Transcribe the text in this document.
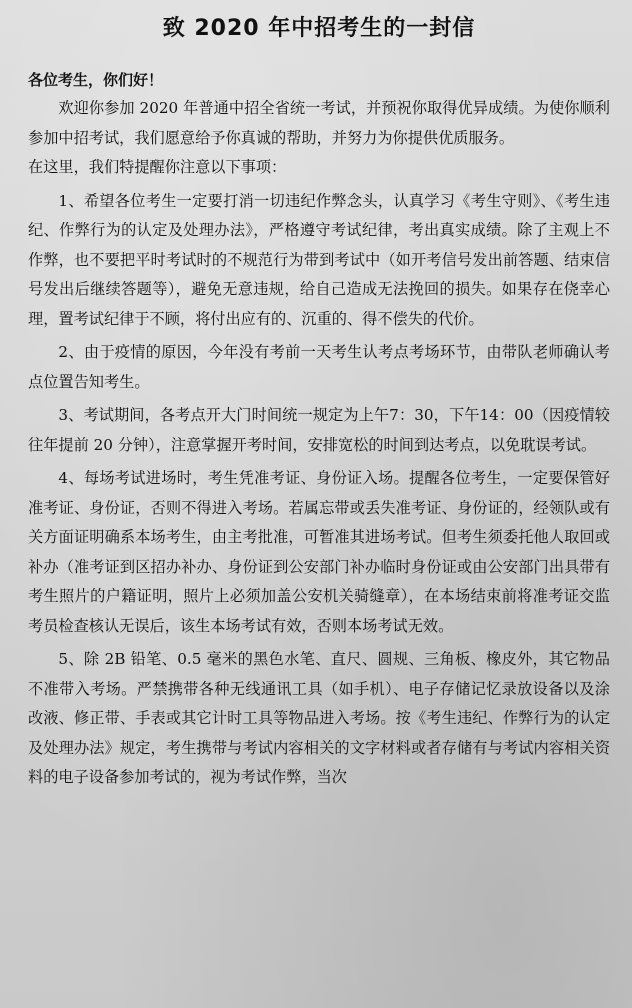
致 2020 年中招考生的一封信

各位考生，你们好！

欢迎你参加 2020 年普通中招全省统一考试，并预祝你取得优异成绩。为使你顺利参加中招考试，我们愿意给予你真诚的帮助，并努力为你提供优质服务。

在这里，我们特提醒你注意以下事项：

1、希望各位考生一定要打消一切违纪作弊念头，认真学习《考生守则》、《考生违纪、作弊行为的认定及处理办法》，严格遵守考试纪律，考出真实成绩。除了主观上不作弊，也不要把平时考试时的不规范行为带到考试中（如开考信号发出前答题、结束信号发出后继续答题等），避免无意违规，给自己造成无法挽回的损失。如果存在侥幸心理，置考试纪律于不顾，将付出应有的、沉重的、得不偿失的代价。

2、由于疫情的原因，今年没有考前一天考生认考点考场环节，由带队老师确认考点位置告知考生。

3、考试期间，各考点开大门时间统一规定为上午7：30，下午14：00（因疫情较往年提前 20 分钟），注意掌握开考时间，安排宽松的时间到达考点，以免耽误考试。

4、每场考试进场时，考生凭准考证、身份证入场。提醒各位考生，一定要保管好准考证、身份证，否则不得进入考场。若属忘带或丢失准考证、身份证的，经领队或有关方面证明确系本场考生，由主考批准，可暂准其进场考试。但考生须委托他人取回或补办（准考证到区招办补办、身份证到公安部门补办临时身份证或由公安部门出具带有考生照片的户籍证明，照片上必须加盖公安机关骑缝章），在本场结束前将准考证交监考员检查核认无误后，该生本场考试有效，否则本场考试无效。

5、除 2B 铅笔、0.5 毫米的黑色水笔、直尺、圆规、三角板、橡皮外，其它物品不准带入考场。严禁携带各种无线通讯工具（如手机）、电子存储记忆录放设备以及涂改液、修正带、手表或其它计时工具等物品进入考场。按《考生违纪、作弊行为的认定及处理办法》规定，考生携带与考试内容相关的文字材料或者存储有与考试内容相关资料的电子设备参加考试的，视为考试作弊，当次
